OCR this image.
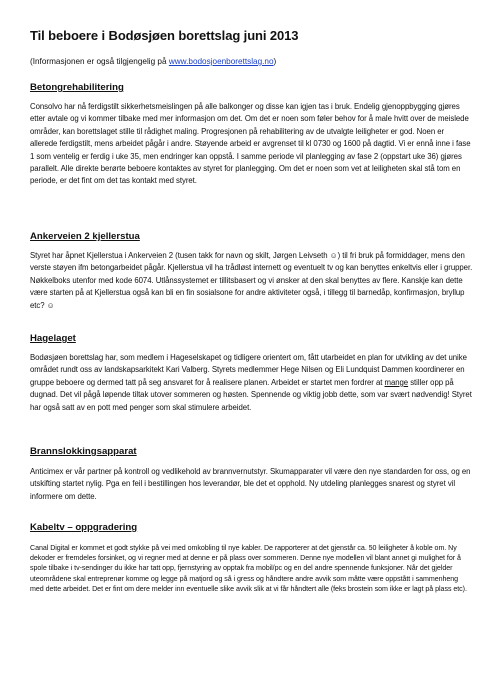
Til beboere i Bodøsjøen borettslag juni 2013

(Informasjonen er også tilgjengelig på www.bodosjoenborettslag.no)

Betongrehabilitering

Consolvo har nå ferdigstilt sikkerhetsmeislingen på alle balkonger og disse kan igjen tas i bruk. Endelig gjenoppbygging gjøres etter avtale og vi kommer tilbake med mer informasjon om det. Om det er noen som føler behov for å male hvitt over de meislede områder, kan borettslaget stille til rådighet maling. Progresjonen på rehabilitering av de utvalgte leiligheter er god. Noen er allerede ferdigstilt, mens arbeidet pågår i andre. Støyende arbeid er avgrenset til kl 0730 og 1600 på dagtid. Vi er ennå inne i fase 1 som ventelig er ferdig i uke 35, men endringer kan oppstå. I samme periode vil planlegging av fase 2 (oppstart uke 36) gjøres parallelt. Alle direkte berørte beboere kontaktes av styret for planlegging. Om det er noen som vet at leiligheten skal stå tom en periode, er det fint om det tas kontakt med styret.

Ankerveien 2 kjellerstua

Styret har åpnet Kjellerstua i Ankerveien 2 (tusen takk for navn og skilt, Jørgen Leivseth ☺) til fri bruk på formiddager, mens den verste støyen ifm betongarbeidet pågår. Kjellerstua vil ha trådløst internett og eventuelt tv og kan benyttes enkeltvis eller i grupper. Nøkkelboks utenfor med kode 6074. Utlånssystemet er tillitsbasert og vi ønsker at den skal benyttes av flere. Kanskje kan dette være starten på at Kjellerstua også kan bli en fin sosialsone for andre aktiviteter også, i tillegg til barnedåp, konfirmasjon, bryllup etc? ☺

Hagelaget

Bodøsjøen borettslag har, som medlem i Hageselskapet og tidligere orientert om, fått utarbeidet en plan for utvikling av det unike området rundt oss av landskapsarkitekt Kari Valberg. Styrets medlemmer Hege Nilsen og Eli Lundquist Dammen koordinerer en gruppe beboere og dermed tatt på seg ansvaret for å realisere planen. Arbeidet er startet men fordrer at mange stiller opp på dugnad. Det vil pågå løpende tiltak utover sommeren og høsten. Spennende og viktig jobb dette, som var svært nødvendig! Styret har også satt av en pott med penger som skal stimulere arbeidet.

Brannslokkingsapparat

Anticimex er vår partner på kontroll og vedlikehold av brannvernutstyr. Skumapparater vil være den nye standarden for oss, og en utskifting startet nylig. Pga en feil i bestillingen hos leverandør, ble det et opphold. Ny utdeling planlegges snarest og styret vil informere om dette.

Kabeltv – oppgradering

Canal Digital er kommet et godt stykke på vei med omkobling til nye kabler. De rapporterer at det gjenstår ca. 50 leiligheter å koble om. Ny dekoder er fremdeles forsinket, og vi regner med at denne er på plass over sommeren. Denne nye modellen vil blant annet gi mulighet for å spole tilbake i tv-sendinger du ikke har tatt opp, fjernstyring av opptak fra mobil/pc og en del andre spennende funksjoner. Når det gjelder uteområdene skal entreprenør komme og legge på matjord og så i gress og håndtere andre avvik som måtte være oppstått i sammenheng med dette arbeidet. Det er fint om dere melder inn eventuelle slike avvik slik at vi får håndtert alle (feks brostein som ikke er lagt på plass etc).
